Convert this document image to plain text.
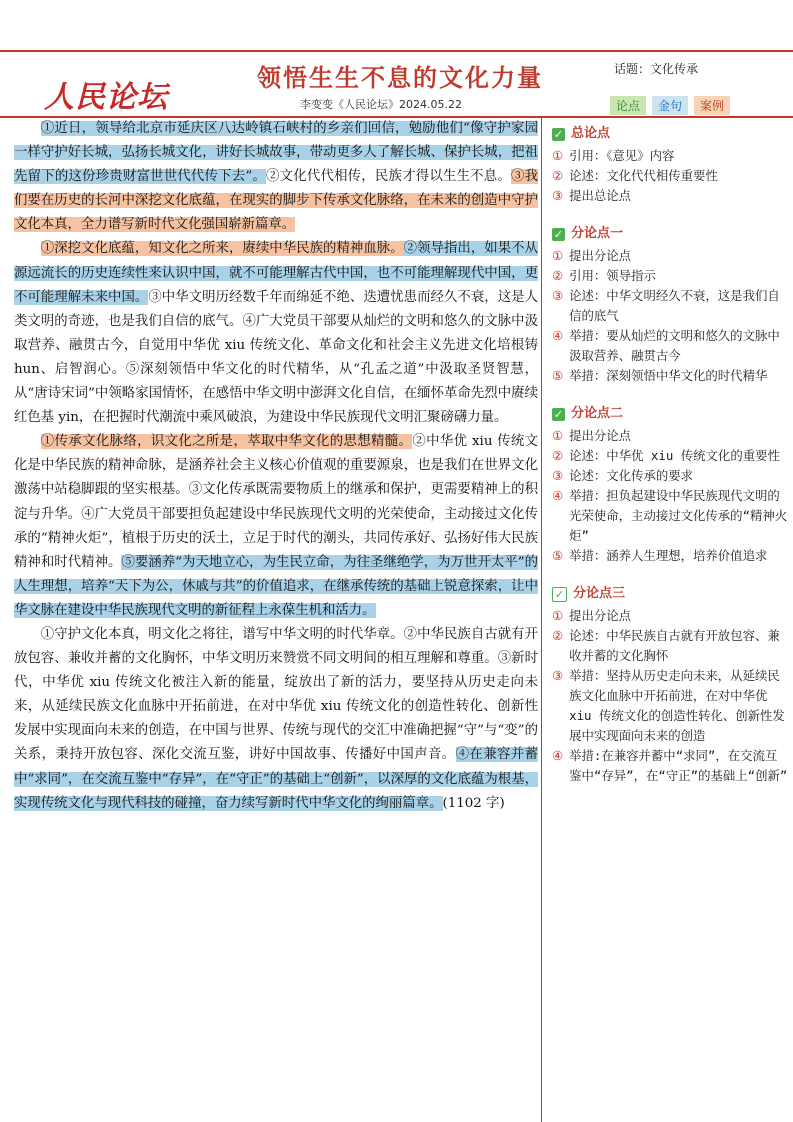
人民论坛
领悟生生不息的文化力量
李变变《人民论坛》2024.05.22
话题：文化传承
论点	金句	案例

①近日，领导给北京市延庆区八达岭镇石峡村的乡亲们回信，勉励他们“像守护家园一样守护好长城，弘扬长城文化，讲好长城故事，带动更多人了解长城、保护长城，把祖先留下的这份珍贵财富世世代代传下去”。②文化代代相传，民族才得以生生不息。③我们要在历史的长河中深挖文化底蕴，在现实的脚步下传承文化脉络，在未来的创造中守护文化本真，全力谱写新时代文化强国崭新篇章。

①深挖文化底蕴，知文化之所来，赓续中华民族的精神血脉。②领导指出，如果不从源远流长的历史连续性来认识中国，就不可能理解古代中国，也不可能理解现代中国，更不可能理解未来中国。③中华文明历经数千年而绵延不绝、迭遭忧患而经久不衰，这是人类文明的奇迹，也是我们自信的底气。④广大党员干部要从灿烂的文明和悠久的文脉中汲取营养、融贯古今，自觉用中华优 xiu 传统文化、革命文化和社会主义先进文化培根铸 hun、启智润心。⑤深刻领悟中华文化的时代精华，从“孔孟之道”中汲取圣贤智慧，从“唐诗宋词”中领略家国情怀，在感悟中华文明中澎湃文化自信，在缅怀革命先烈中赓续红色基 yin，在把握时代潮流中乘风破浪，为建设中华民族现代文明汇聚磅礴力量。

①传承文化脉络，识文化之所是，萃取中华文化的思想精髓。②中华优 xiu 传统文化是中华民族的精神命脉，是涵养社会主义核心价值观的重要源泉，也是我们在世界文化激荡中站稳脚跟的坚实根基。③文化传承既需要物质上的继承和保护，更需要精神上的积淀与升华。④广大党员干部要担负起建设中华民族现代文明的光荣使命，主动接过文化传承的“精神火炬”，植根于历史的沃土，立足于时代的潮头，共同传承好、弘扬好伟大民族精神和时代精神。⑤要涵养“为天地立心，为生民立命，为往圣继绝学，为万世开太平”的人生理想，培养“天下为公，休戚与共”的价值追求，在继承传统的基础上锐意探索，让中华文脉在建设中华民族现代文明的新征程上永葆生机和活力。

①守护文化本真，明文化之将往，谱写中华文明的时代华章。②中华民族自古就有开放包容、兼收并蓄的文化胸怀，中华文明历来赞赏不同文明间的相互理解和尊重。③新时代，中华优 xiu 传统文化被注入新的能量，绽放出了新的活力，要坚持从历史走向未来，从延续民族文化血脉中开拓前进，在对中华优 xiu 传统文化的创造性转化、创新性发展中实现面向未来的创造，在中国与世界、传统与现代的交汇中准确把握“守”与“变”的关系，秉持开放包容、深化交流互鉴，讲好中国故事、传播好中国声音。④在兼容并蓄中“求同”，在交流互鉴中“存异”，在“守正”的基础上“创新”，以深厚的文化底蕴为根基，实现传统文化与现代科技的碰撞，奋力续写新时代中华文化的绚丽篇章。(1102 字)

✓ 总论点
① 引用：《意见》内容
② 论述：文化代代相传重要性
③ 提出总论点
✓ 分论点一
① 提出分论点
② 引用：领导指示
③ 论述：中华文明经久不衰，这是我们自信的底气
④ 举措：要从灿烂的文明和悠久的文脉中汲取营养、融贯古今
⑤ 举措：深刻领悟中华文化的时代精华
✓ 分论点二
① 提出分论点
② 论述：中华优 xiu 传统文化的重要性
③ 论述：文化传承的要求
④ 举措：担负起建设中华民族现代文明的光荣使命，主动接过文化传承的“精神火炬”
⑤ 举措：涵养人生理想，培养价值追求
✓ 分论点三
① 提出分论点
② 论述：中华民族自古就有开放包容、兼收并蓄的文化胸怀
③ 举措：坚持从历史走向未来，从延续民族文化血脉中开拓前进，在对中华优 xiu 传统文化的创造性转化、创新性发展中实现面向未来的创造
④ 举措:在兼容并蓄中“求同”，在交流互鉴中“存异”，在“守正”的基础上“创新”
